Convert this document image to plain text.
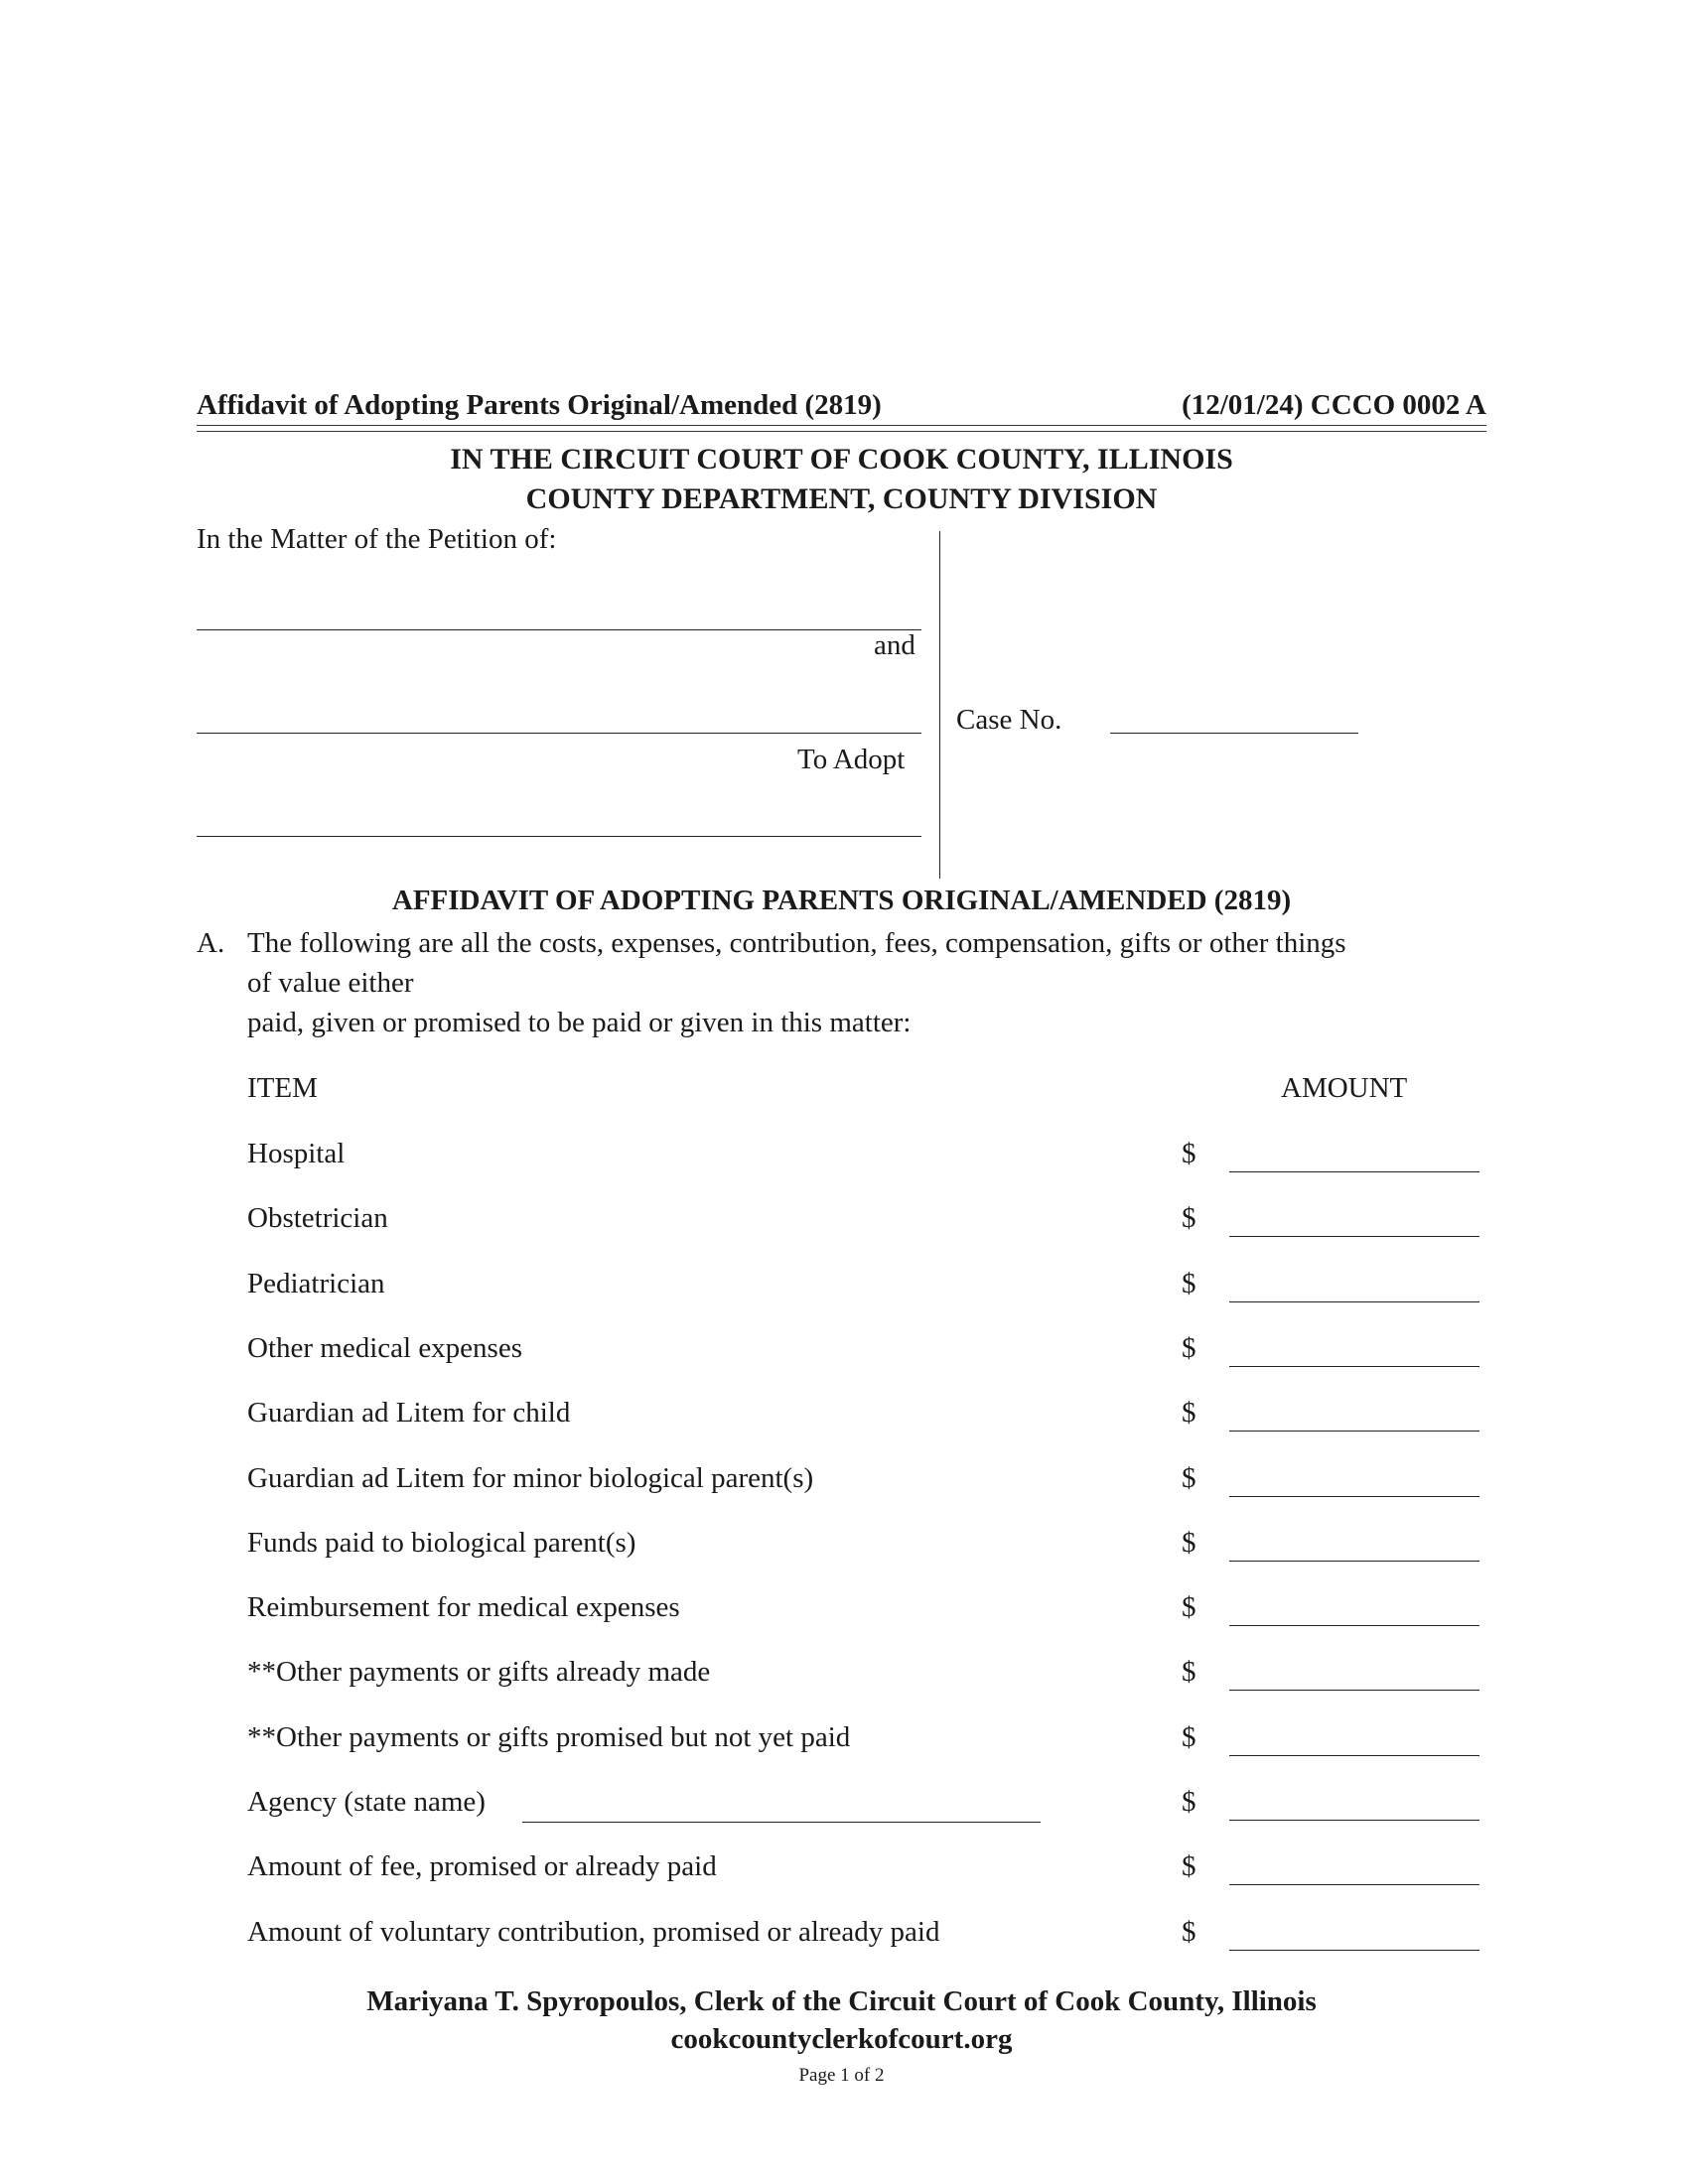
Affidavit of Adopting Parents Original/Amended (2819)	(12/01/24) CCCO 0002 A
IN THE CIRCUIT COURT OF COOK COUNTY, ILLINOIS
COUNTY DEPARTMENT, COUNTY DIVISION
In the Matter of the Petition of:
and
To Adopt
Case No.
AFFIDAVIT OF ADOPTING PARENTS ORIGINAL/AMENDED (2819)
A. The following are all the costs, expenses, contribution, fees, compensation, gifts or other things
of value either
paid, given or promised to be paid or given in this matter:
ITEM	AMOUNT
Hospital	$
Obstetrician	$
Pediatrician	$
Other medical expenses	$
Guardian ad Litem for child	$
Guardian ad Litem for minor biological parent(s)	$
Funds paid to biological parent(s)	$
Reimbursement for medical expenses	$
**Other payments or gifts already made	$
**Other payments or gifts promised but not yet paid	$
Agency (state name)	$
Amount of fee, promised or already paid	$
Amount of voluntary contribution, promised or already paid	$
Mariyana T. Spyropoulos, Clerk of the Circuit Court of Cook County, Illinois
cookcountyclerkofcourt.org
Page 1 of 2
